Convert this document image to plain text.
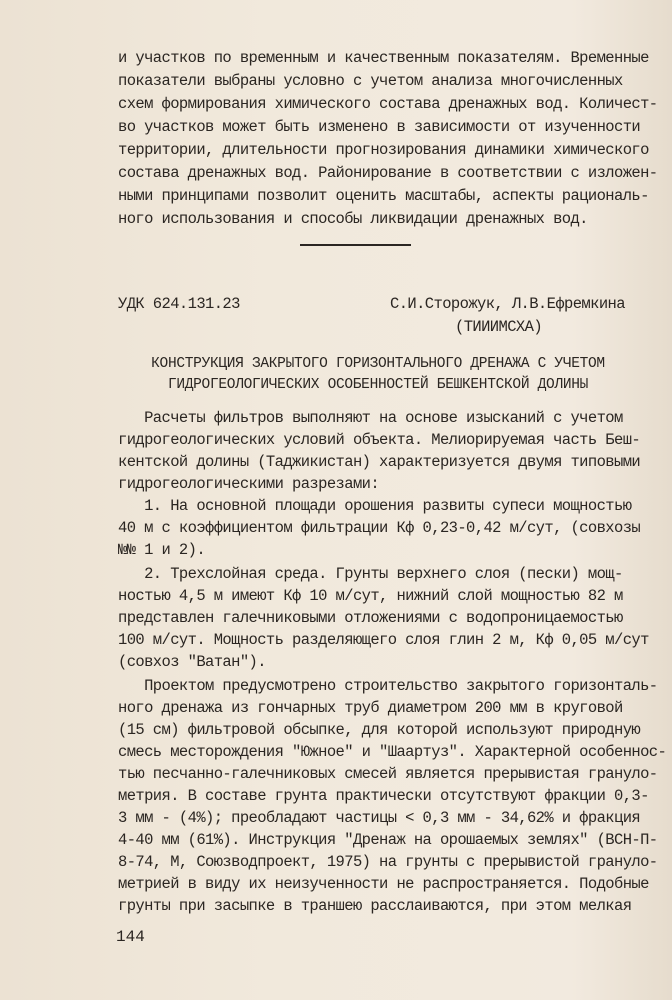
и участков по временным и качественным показателям. Временные
показатели выбраны условно с учетом анализа многочисленных
схем формирования химического состава дренажных вод. Количест-
во участков может быть изменено в зависимости от изученности
территории, длительности прогнозирования динамики химического
состава дренажных вод. Районирование в соответствии с изложен-
ными принципами позволит оценить масштабы, аспекты рациональ-
ного использования и способы ликвидации дренажных вод.
УДК 624.131.23	С.И.Сторожук, Л.В.Ефремкина
(ТИИИМСХА)
КОНСТРУКЦИЯ ЗАКРЫТОГО ГОРИЗОНТАЛЬНОГО ДРЕНАЖА С УЧЕТОМ
ГИДРОГЕОЛОГИЧЕСКИХ ОСОБЕННОСТЕЙ БЕШКЕНТСКОЙ ДОЛИНЫ
Расчеты фильтров выполняют на основе изысканий с учетом
гидрогеологических условий объекта. Мелиорируемая часть Беш-
кентской долины (Таджикистан) характеризуется двумя типовыми
гидрогеологическими разрезами:
1. На основной площади орошения развиты супеси мощностью
40 м с коэффициентом фильтрации Кф 0,23-0,42 м/сут, (совхозы
№№ 1 и 2).
2. Трехслойная среда. Грунты верхнего слоя (пески) мощ-
ностью 4,5 м имеют Кф 10 м/сут, нижний слой мощностью 82 м
представлен галечниковыми отложениями с водопроницаемостью
100 м/сут. Мощность разделяющего слоя глин 2 м, Кф 0,05 м/сут
(совхоз "Ватан").
Проектом предусмотрено строительство закрытого горизонталь-
ного дренажа из гончарных труб диаметром 200 мм в круговой
(15 см) фильтровой обсыпке, для которой используют природную
смесь месторождения "Южное" и "Шаартуз". Характерной особеннос-
тью песчанно-галечниковых смесей является прерывистая грануло-
метрия. В составе грунта практически отсутствуют фракции 0,3-
3 мм - (4%); преобладают частицы < 0,3 мм - 34,62% и фракция
4-40 мм (61%). Инструкция "Дренаж на орошаемых землях" (ВСН-П-
8-74, М, Союзводпроект, 1975) на грунты с прерывистой грануло-
метрией в виду их неизученности не распространяется. Подобные
грунты при засыпке в траншею расслаиваются, при этом мелкая
144
